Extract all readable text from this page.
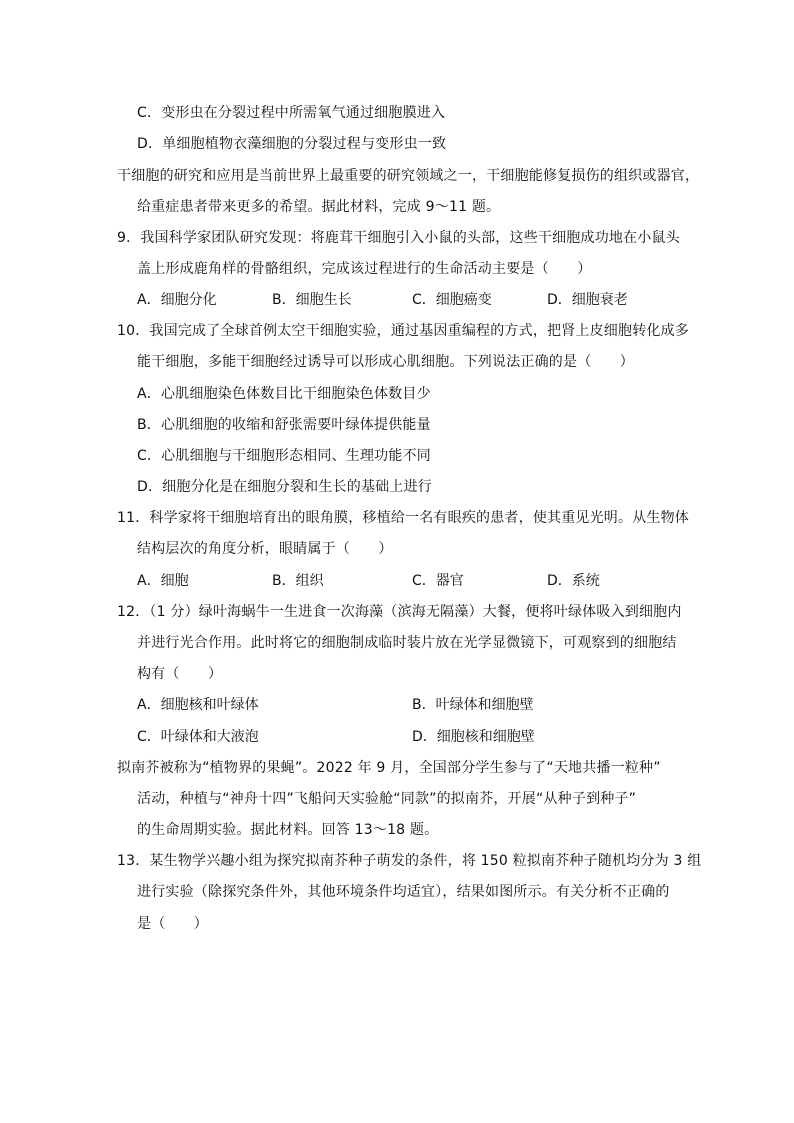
C．变形虫在分裂过程中所需氧气通过细胞膜进入
D．单细胞植物衣藻细胞的分裂过程与变形虫一致
干细胞的研究和应用是当前世界上最重要的研究领域之一，干细胞能修复损伤的组织或器官，
给重症患者带来更多的希望。据此材料，完成 9～11 题。
9．我国科学家团队研究发现：将鹿茸干细胞引入小鼠的头部，这些干细胞成功地在小鼠头
盖上形成鹿角样的骨骼组织，完成该过程进行的生命活动主要是（　　）
A．细胞分化	B．细胞生长	C．细胞癌变	D．细胞衰老
10．我国完成了全球首例太空干细胞实验，通过基因重编程的方式，把肾上皮细胞转化成多
能干细胞，多能干细胞经过诱导可以形成心肌细胞。下列说法正确的是（　　）
A．心肌细胞染色体数目比干细胞染色体数目少
B．心肌细胞的收缩和舒张需要叶绿体提供能量
C．心肌细胞与干细胞形态相同、生理功能不同
D．细胞分化是在细胞分裂和生长的基础上进行
11．科学家将干细胞培育出的眼角膜，移植给一名有眼疾的患者，使其重见光明。从生物体
结构层次的角度分析，眼睛属于（　　）
A．细胞	B．组织	C．器官	D．系统
12．（1 分）绿叶海蜗牛一生进食一次海藻（滨海无隔藻）大餐，便将叶绿体吸入到细胞内
并进行光合作用。此时将它的细胞制成临时装片放在光学显微镜下，可观察到的细胞结
构有（　　）
A．细胞核和叶绿体	B．叶绿体和细胞壁
C．叶绿体和大液泡	D．细胞核和细胞壁
拟南芥被称为“植物界的果蝇”。2022 年 9 月，全国部分学生参与了“天地共播一粒种”
活动，种植与“神舟十四”飞船问天实验舱“同款”的拟南芥，开展“从种子到种子”
的生命周期实验。据此材料。回答 13～18 题。
13．某生物学兴趣小组为探究拟南芥种子萌发的条件，将 150 粒拟南芥种子随机均分为 3 组
进行实验（除探究条件外，其他环境条件均适宜），结果如图所示。有关分析不正确的
是（　　）
